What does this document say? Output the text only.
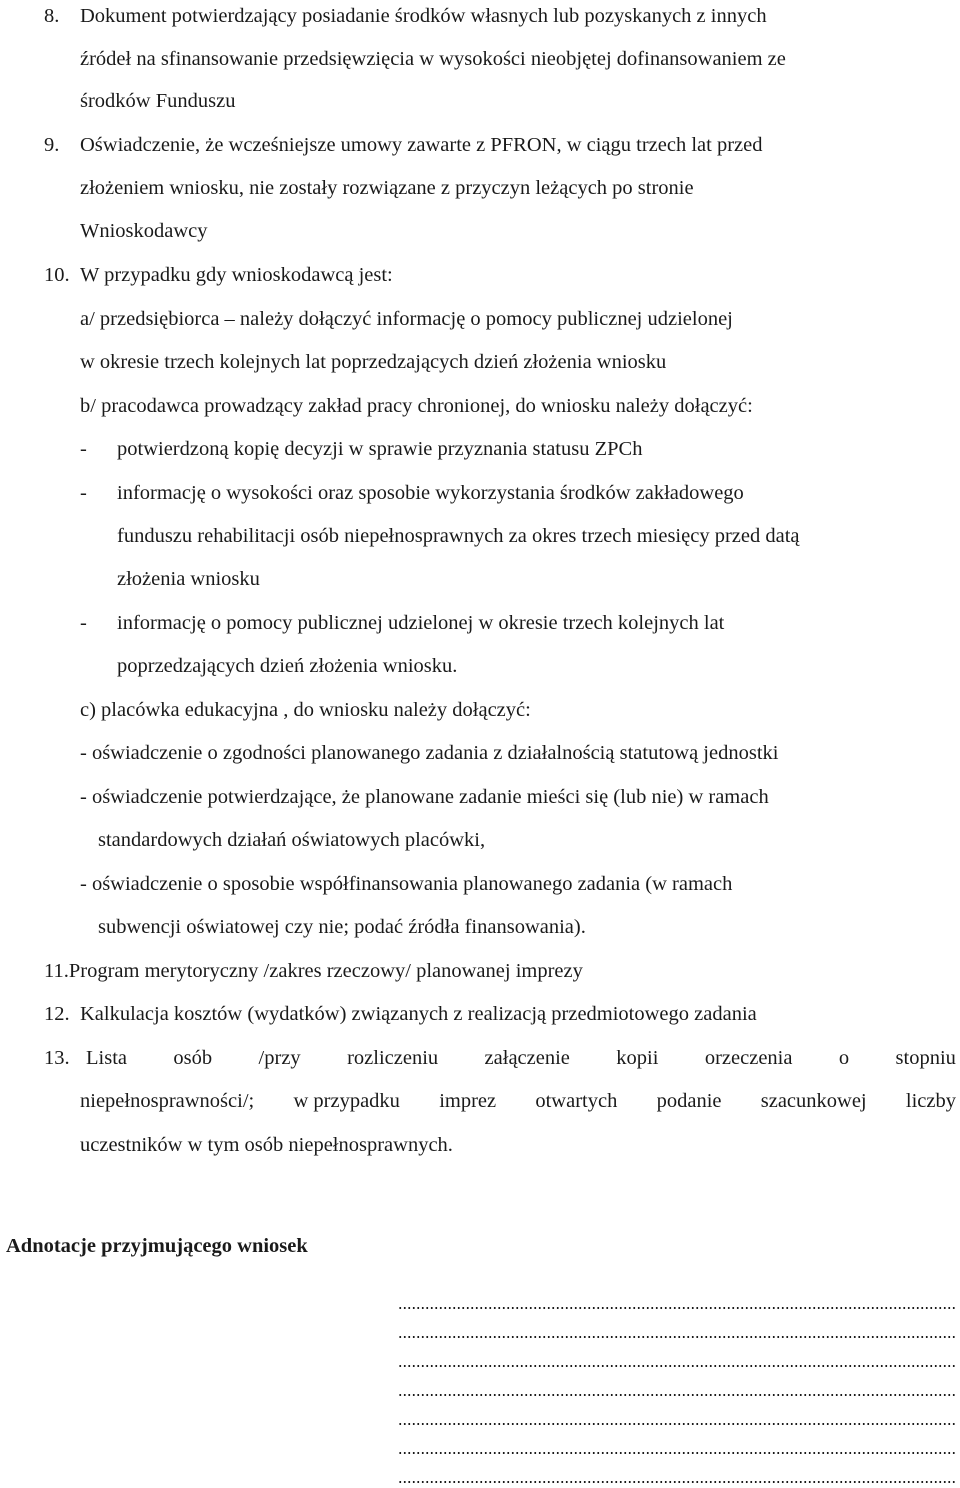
8. Dokument potwierdzający posiadanie środków własnych lub pozyskanych z innych
źródeł na sfinansowanie przedsięwzięcia w wysokości nieobjętej dofinansowaniem ze
środków Funduszu
9. Oświadczenie, że wcześniejsze umowy zawarte z PFRON, w ciągu trzech lat przed
złożeniem wniosku, nie zostały rozwiązane z przyczyn leżących po stronie
Wnioskodawcy
10. W przypadku gdy wnioskodawcą jest:
a/ przedsiębiorca – należy dołączyć informację o pomocy publicznej udzielonej
w okresie trzech kolejnych lat poprzedzających dzień złożenia wniosku
b/ pracodawca prowadzący zakład pracy chronionej, do wniosku należy dołączyć:
- potwierdzoną kopię decyzji w sprawie przyznania statusu ZPCh
- informację o wysokości oraz sposobie wykorzystania środków zakładowego
funduszu rehabilitacji osób niepełnosprawnych za okres trzech miesięcy przed datą
złożenia wniosku
- informację o pomocy publicznej udzielonej w okresie trzech kolejnych lat
poprzedzających dzień złożenia wniosku.
c) placówka edukacyjna , do wniosku należy dołączyć:
- oświadczenie o zgodności planowanego zadania z działalnością statutową jednostki
- oświadczenie potwierdzające, że planowane zadanie mieści się (lub nie) w ramach
standardowych działań oświatowych placówki,
- oświadczenie o sposobie współfinansowania planowanego zadania (w ramach
subwencji oświatowej czy nie; podać źródła finansowania).
11.Program merytoryczny /zakres rzeczowy/ planowanej imprezy
12. Kalkulacja kosztów (wydatków) związanych z realizacją przedmiotowego zadania
13. Lista osób /przy rozliczeniu załączenie kopii orzeczenia o stopniu
niepełnosprawności/; w przypadku imprez otwartych podanie szacunkowej liczby
uczestników w tym osób niepełnosprawnych.
Adnotacje przyjmującego wniosek
